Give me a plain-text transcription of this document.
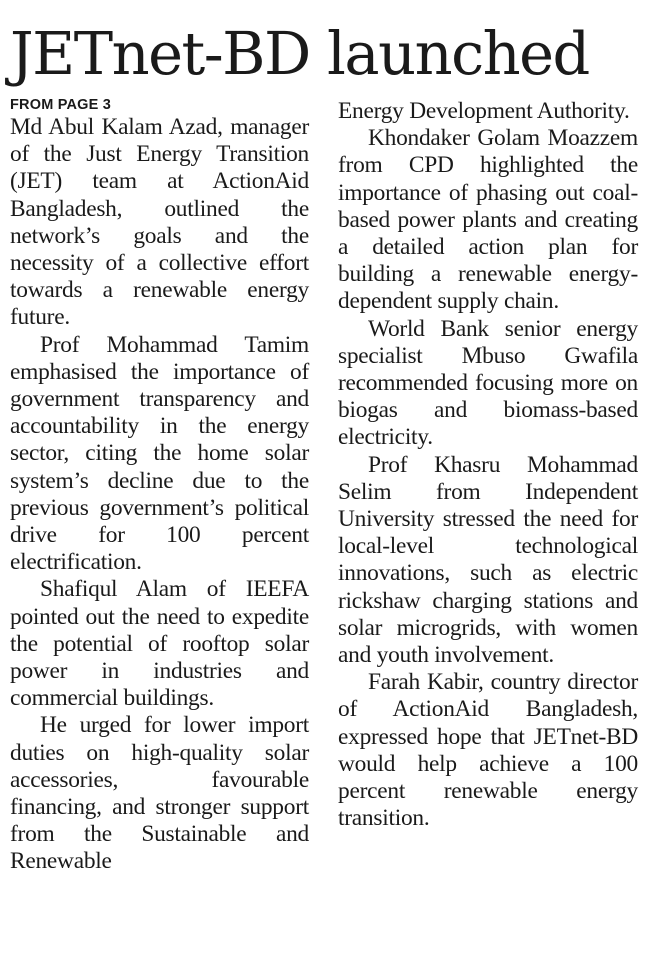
JETnet-BD launched
FROM PAGE 3

Md Abul Kalam Azad, manager of the Just Energy Transition (JET) team at ActionAid Bangladesh, outlined the network’s goals and the necessity of a collective effort towards a renewable energy future.

Prof Mohammad Tamim emphasised the importance of government transparency and accountability in the energy sector, citing the home solar system’s decline due to the previous government’s political drive for 100 percent electrification.

Shafiqul Alam of IEEFA pointed out the need to expedite the potential of rooftop solar power in industries and commercial buildings.

He urged for lower import duties on high-quality solar accessories, favourable financing, and stronger support from the Sustainable and Renewable

Energy Development Authority.

Khondaker Golam Moazzem from CPD highlighted the importance of phasing out coal-based power plants and creating a detailed action plan for building a renewable energy-dependent supply chain.

World Bank senior energy specialist Mbuso Gwafila recommended focusing more on biogas and biomass-based electricity.

Prof Khasru Mohammad Selim from Independent University stressed the need for local-level technological innovations, such as electric rickshaw charging stations and solar microgrids, with women and youth involvement.

Farah Kabir, country director of ActionAid Bangladesh, expressed hope that JETnet-BD would help achieve a 100 percent renewable energy transition.
